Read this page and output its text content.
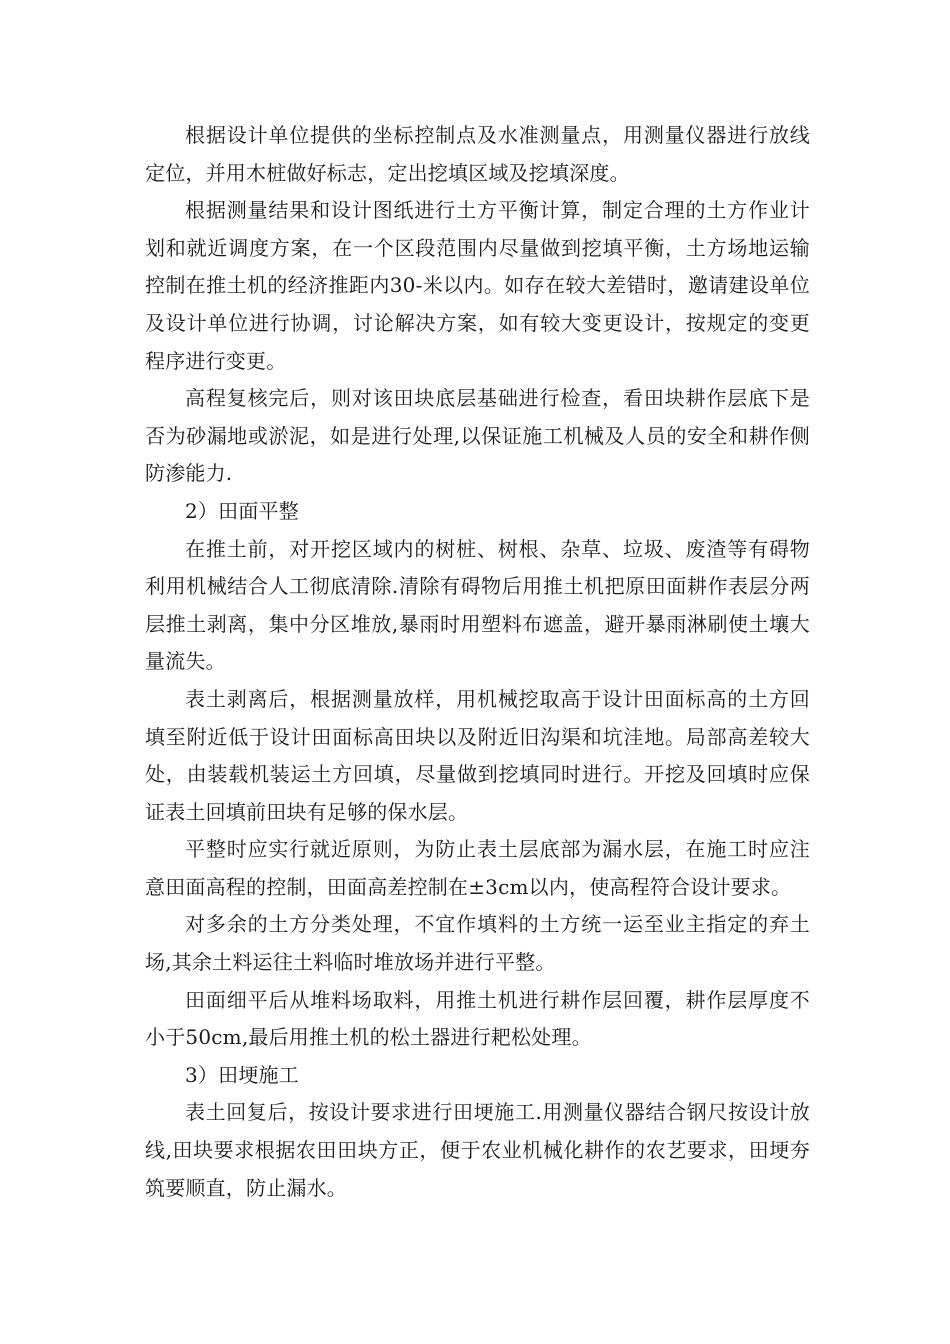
根据设计单位提供的坐标控制点及水准测量点，用测量仪器进行放线定位，并用木桩做好标志，定出挖填区域及挖填深度。

根据测量结果和设计图纸进行土方平衡计算，制定合理的土方作业计划和就近调度方案，在一个区段范围内尽量做到挖填平衡，土方场地运输控制在推土机的经济推距内30-米以内。如存在较大差错时，邀请建设单位及设计单位进行协调，讨论解决方案，如有较大变更设计，按规定的变更程序进行变更。

高程复核完后，则对该田块底层基础进行检查，看田块耕作层底下是否为砂漏地或淤泥，如是进行处理,以保证施工机械及人员的安全和耕作侧防渗能力.

2）田面平整

在推土前，对开挖区域内的树桩、树根、杂草、垃圾、废渣等有碍物利用机械结合人工彻底清除.清除有碍物后用推土机把原田面耕作表层分两层推土剥离，集中分区堆放,暴雨时用塑料布遮盖，避开暴雨淋刷使土壤大量流失。

表土剥离后，根据测量放样，用机械挖取高于设计田面标高的土方回填至附近低于设计田面标高田块以及附近旧沟渠和坑洼地。局部高差较大处，由装载机装运土方回填，尽量做到挖填同时进行。开挖及回填时应保证表土回填前田块有足够的保水层。

平整时应实行就近原则，为防止表土层底部为漏水层，在施工时应注意田面高程的控制，田面高差控制在±3cm以内，使高程符合设计要求。

对多余的土方分类处理，不宜作填料的土方统一运至业主指定的弃土场,其余土料运往土料临时堆放场并进行平整。

田面细平后从堆料场取料，用推土机进行耕作层回覆，耕作层厚度不小于50cm,最后用推土机的松土器进行耙松处理。

3）田埂施工

表土回复后，按设计要求进行田埂施工.用测量仪器结合钢尺按设计放线,田块要求根据农田田块方正，便于农业机械化耕作的农艺要求，田埂夯筑要顺直，防止漏水。
